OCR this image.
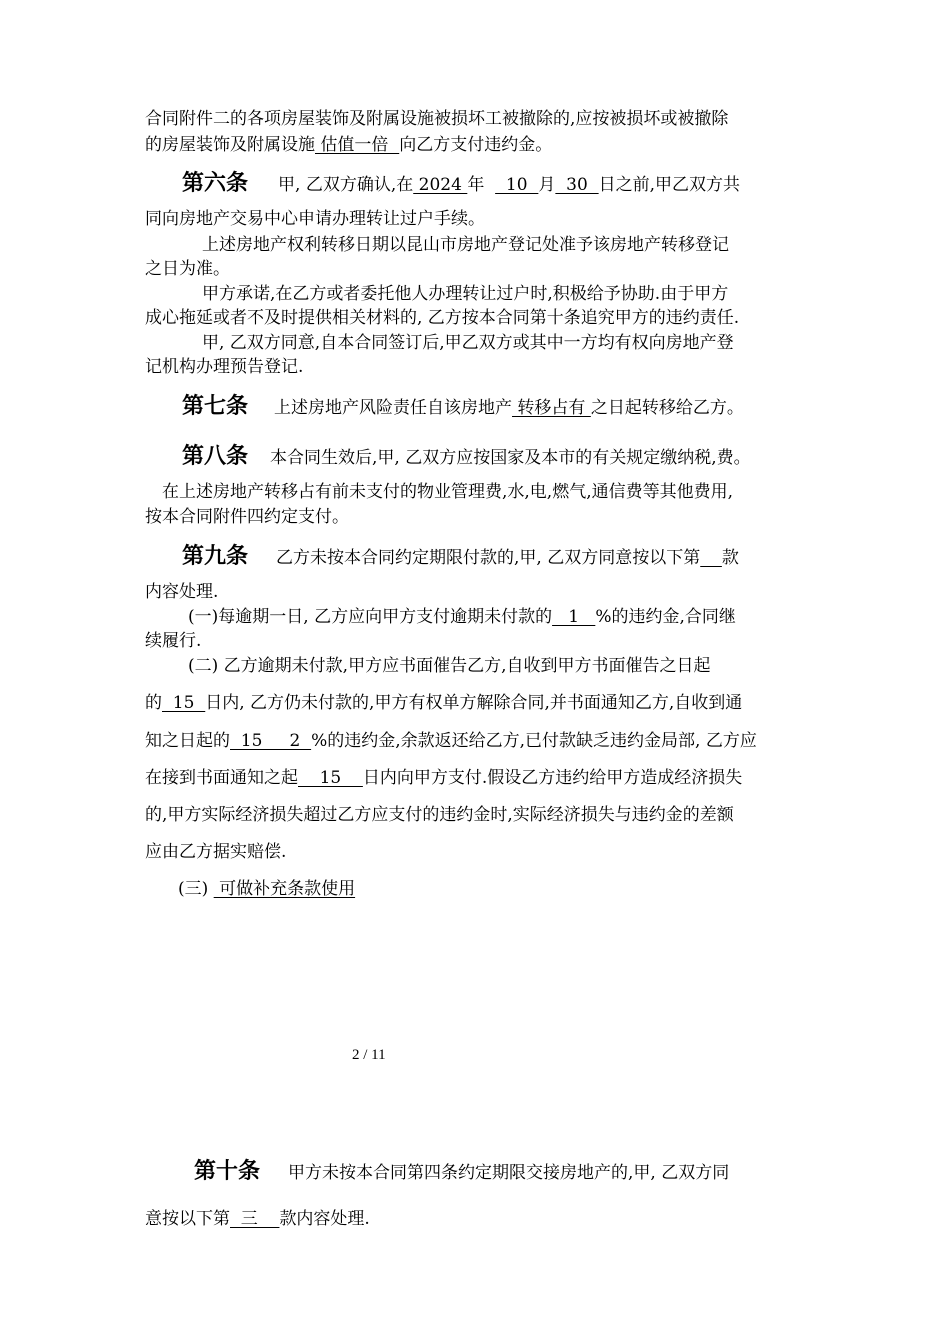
合同附件二的各项房屋装饰及附属设施被损坏工被撤除的,应按被损坏或被撤除
的房屋装饰及附属设施 估值一倍  向乙方支付违约金。
第六条 甲, 乙双方确认,在 2024 年    10  月  30  日之前,甲乙双方共
同向房地产交易中心申请办理转让过户手续。
上述房地产权利转移日期以昆山市房地产登记处准予该房地产转移登记
之日为准。
甲方承诺,在乙方或者委托他人办理转让过户时,积极给予协助.由于甲方
成心拖延或者不及时提供相关材料的, 乙方按本合同第十条追究甲方的违约责任.
甲, 乙双方同意,自本合同签订后,甲乙双方或其中一方均有权向房地产登
记机构办理预告登记.
第七条 上述房地产风险责任自该房地产 转移占有 之日起转移给乙方。
第八条 本合同生效后,甲, 乙双方应按国家及本市的有关规定缴纳税,费。
在上述房地产转移占有前未支付的物业管理费,水,电,燃气,通信费等其他费用,
按本合同附件四约定支付。
第九条 乙方未按本合同约定期限付款的,甲, 乙双方同意按以下第 款
内容处理.
(一)每逾期一日, 乙方应向甲方支付逾期未付款的   1   %的违约金,合同继
续履行.
(二) 乙方逾期未付款,甲方应书面催告乙方,自收到甲方书面催告之日起
的  15  日内, 乙方仍未付款的,甲方有权单方解除合同,并书面通知乙方,自收到通
知之日起的  15     2  %的违约金,余款返还给乙方,已付款缺乏违约金局部, 乙方应
在接到书面通知之起    15    日内向甲方支付.假设乙方违约给甲方造成经济损失
的,甲方实际经济损失超过乙方应支付的违约金时,实际经济损失与违约金的差额
应由乙方据实赔偿.
(三)  可做补充条款使用
2 / 11
第十条 甲方未按本合同第四条约定期限交接房地产的,甲, 乙双方同
意按以下第  三    款内容处理.
